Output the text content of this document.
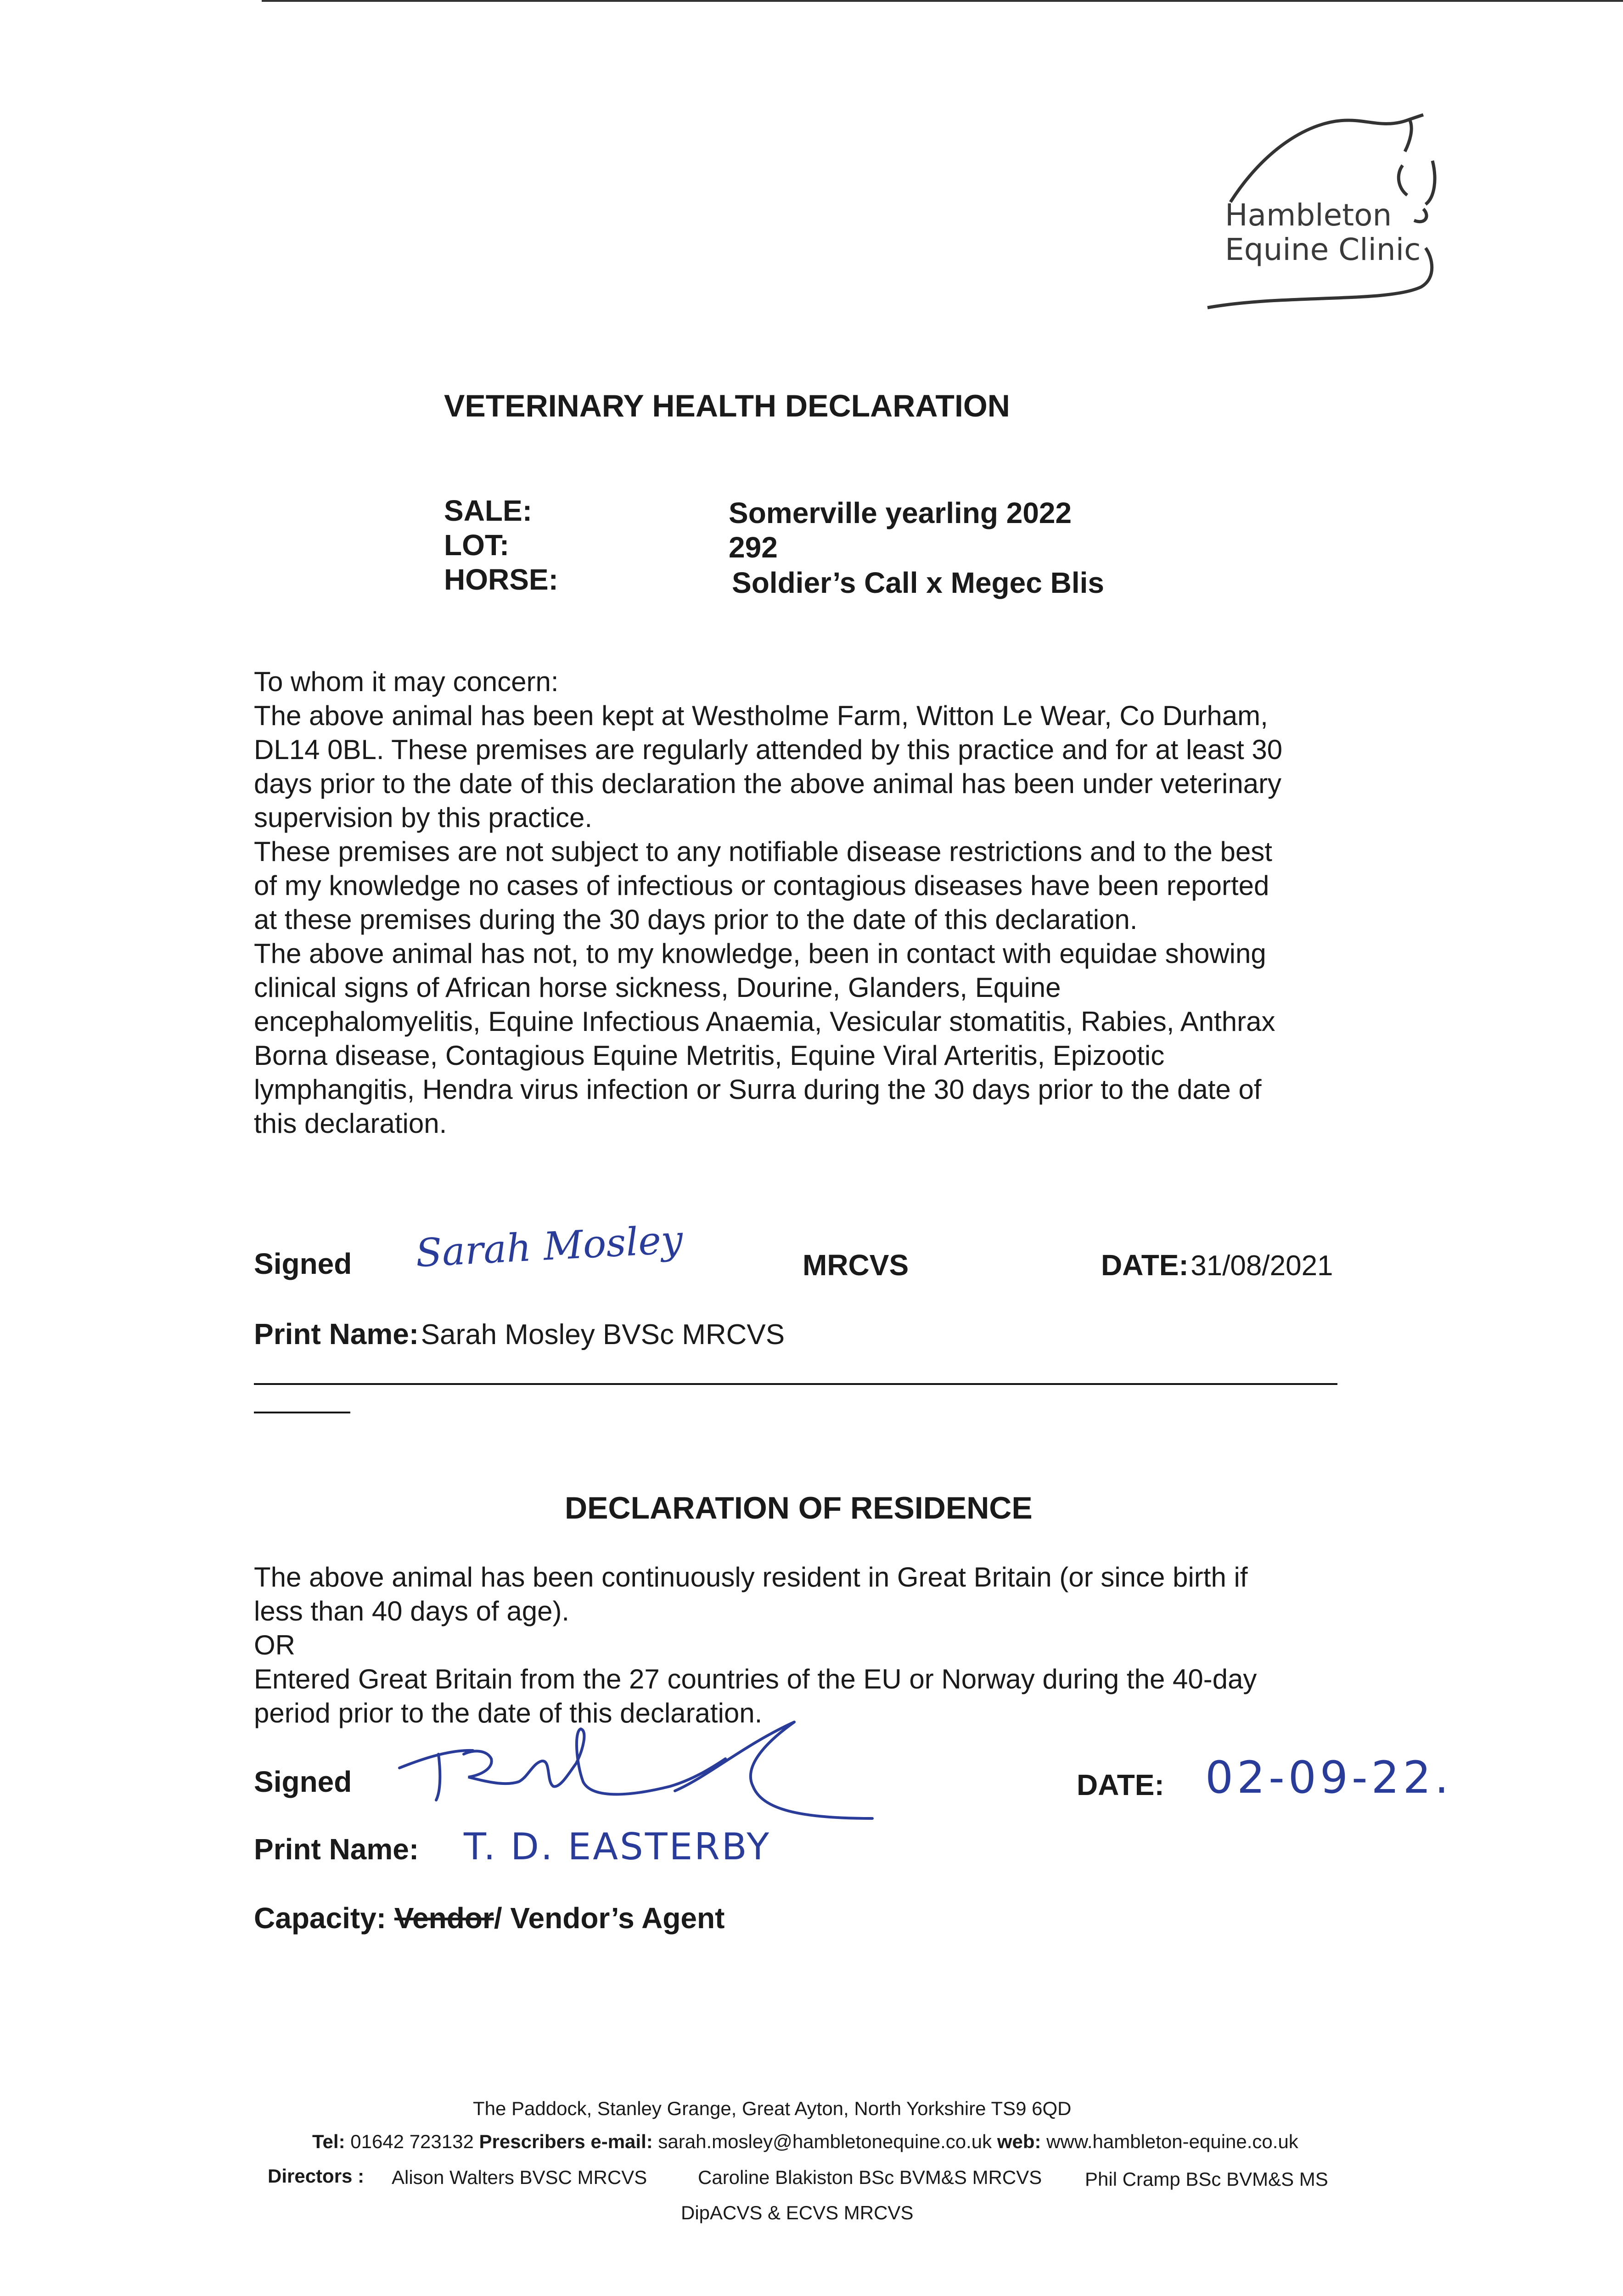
Hambleton
Equine Clinic
VETERINARY HEALTH DECLARATION
SALE:	Somerville yearling 2022
LOT:	292
HORSE:	Soldier’s Call x Megec Blis
To whom it may concern:
The above animal has been kept at Westholme Farm, Witton Le Wear, Co Durham,
DL14 0BL. These premises are regularly attended by this practice and for at least 30
days prior to the date of this declaration the above animal has been under veterinary
supervision by this practice.
These premises are not subject to any notifiable disease restrictions and to the best
of my knowledge no cases of infectious or contagious diseases have been reported
at these premises during the 30 days prior to the date of this declaration.
The above animal has not, to my knowledge, been in contact with equidae showing
clinical signs of African horse sickness, Dourine, Glanders, Equine
encephalomyelitis, Equine Infectious Anaemia, Vesicular stomatitis, Rabies, Anthrax
Borna disease, Contagious Equine Metritis, Equine Viral Arteritis, Epizootic
lymphangitis, Hendra virus infection or Surra during the 30 days prior to the date of
this declaration.
Signed Sarah Mosley	MRCVS	DATE: 31/08/2021
Print Name: Sarah Mosley BVSc MRCVS
DECLARATION OF RESIDENCE
The above animal has been continuously resident in Great Britain (or since birth if
less than 40 days of age).
OR
Entered Great Britain from the 27 countries of the EU or Norway during the 40-day
period prior to the date of this declaration.
Signed	DATE: 02-09-22.
Print Name: T. D. EASTERBY
Capacity: Vendor/ Vendor’s Agent
The Paddock, Stanley Grange, Great Ayton, North Yorkshire TS9 6QD
Tel: 01642 723132 Prescribers e-mail: sarah.mosley@hambletonequine.co.uk web: www.hambleton-equine.co.uk
Directors : Alison Walters BVSC MRCVS	Caroline Blakiston BSc BVM&S MRCVS Phil Cramp BSc BVM&S MS
DipACVS & ECVS MRCVS
